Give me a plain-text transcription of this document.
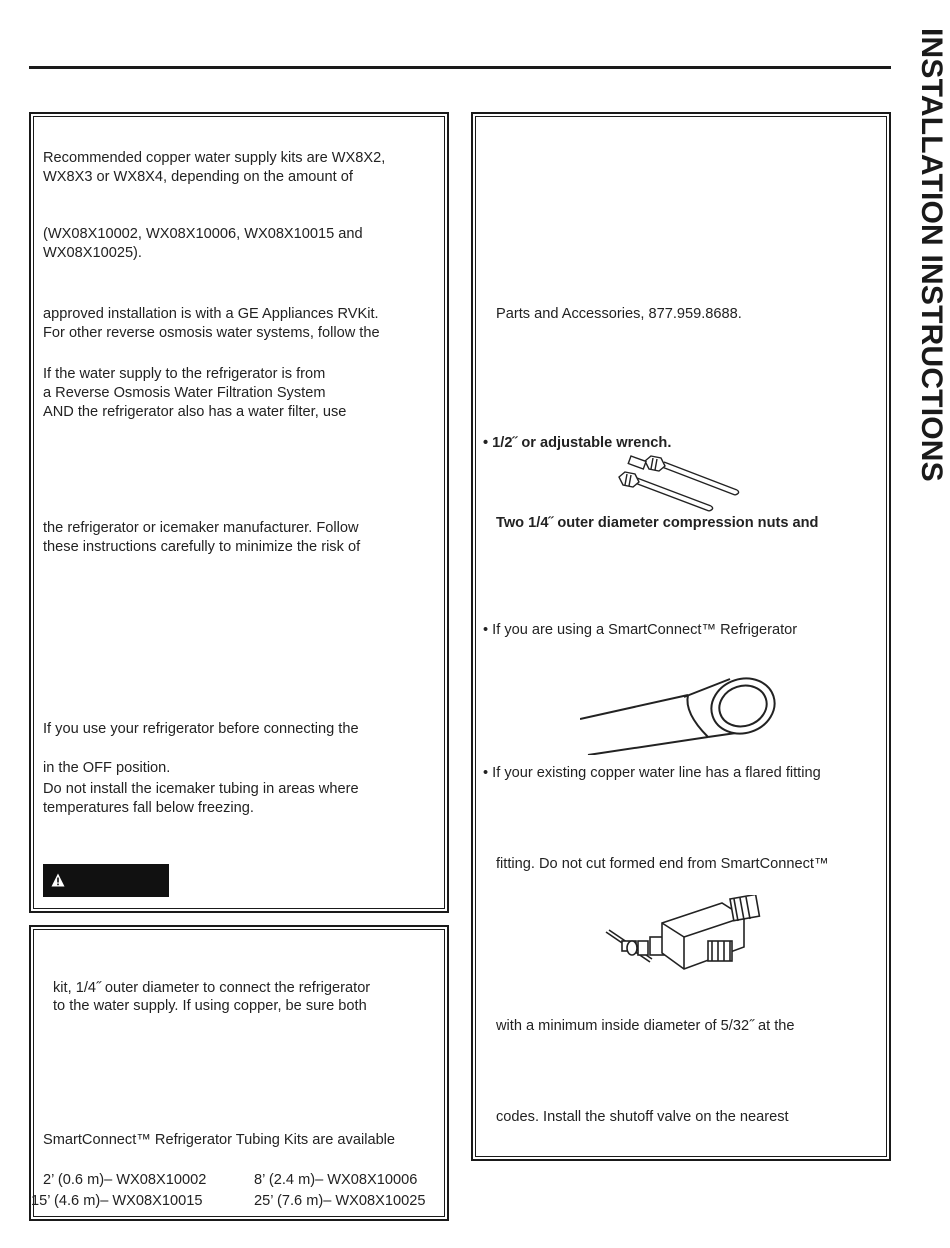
INSTALLATION INSTRUCTIONS
Recommended copper water supply kits are WX8X2,
WX8X3 or WX8X4, depending on the amount of
(WX08X10002, WX08X10006, WX08X10015 and
WX08X10025).
approved installation is with a GE Appliances RVKit.
For other reverse osmosis water systems, follow the
If the water supply to the refrigerator is from
a Reverse Osmosis Water Filtration System
AND the refrigerator also has a water filter, use
the refrigerator or icemaker manufacturer. Follow
these instructions carefully to minimize the risk of
If you use your refrigerator before connecting the
in the OFF position.
Do not install the icemaker tubing in areas where
temperatures fall below freezing.
kit, 1/4˝ outer diameter to connect the refrigerator
to the water supply. If using copper, be sure both
SmartConnect™ Refrigerator Tubing Kits are available
2’ (0.6 m)– WX08X10002	8’ (2.4 m)– WX08X10006
15’ (4.6 m)– WX08X10015	25’ (7.6 m)– WX08X10025
Parts and Accessories, 877.959.8688.
• 1/2˝ or adjustable wrench.
Two 1/4˝ outer diameter compression nuts and
• If you are using a SmartConnect™ Refrigerator
• If your existing copper water line has a flared fitting
fitting. Do not cut formed end from SmartConnect™
with a minimum inside diameter of 5/32˝ at the
codes. Install the shutoff valve on the nearest
